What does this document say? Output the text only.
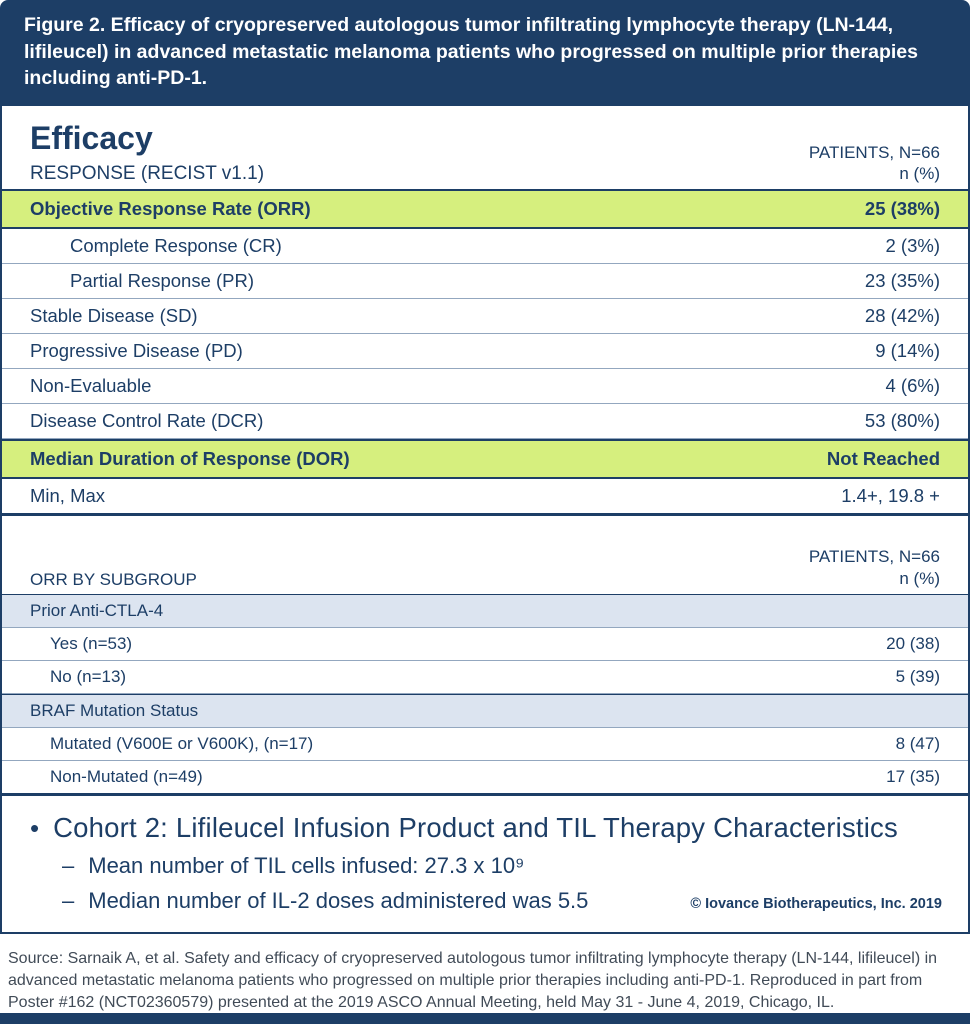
Figure 2. Efficacy of cryopreserved autologous tumor infiltrating lymphocyte therapy (LN-144, lifileucel) in advanced metastatic melanoma patients who progressed on multiple prior therapies including anti-PD-1.
Efficacy
RESPONSE (RECIST v1.1)
PATIENTS, N=66
n (%)
Objective Response Rate (ORR)	25 (38%)
Complete Response (CR)	2 (3%)
Partial Response (PR)	23 (35%)
Stable Disease (SD)	28 (42%)
Progressive Disease (PD)	9 (14%)
Non-Evaluable	4 (6%)
Disease Control Rate (DCR)	53 (80%)
Median Duration of Response (DOR)	Not Reached
Min, Max	1.4+, 19.8 +
ORR BY SUBGROUP
PATIENTS, N=66
n (%)
Prior Anti-CTLA-4
Yes (n=53)	20 (38)
No (n=13)	5 (39)
BRAF Mutation Status
Mutated (V600E or V600K), (n=17)	8 (47)
Non-Mutated (n=49)	17 (35)
• Cohort 2: Lifileucel Infusion Product and TIL Therapy Characteristics
– Mean number of TIL cells infused: 27.3 x 10⁹
– Median number of IL-2 doses administered was 5.5	© Iovance Biotherapeutics, Inc. 2019
Source: Sarnaik A, et al. Safety and efficacy of cryopreserved autologous tumor infiltrating lymphocyte therapy (LN-144, lifileucel) in advanced metastatic melanoma patients who progressed on multiple prior therapies including anti-PD-1. Reproduced in part from Poster #162 (NCT02360579) presented at the 2019 ASCO Annual Meeting, held May 31 - June 4, 2019, Chicago, IL.
